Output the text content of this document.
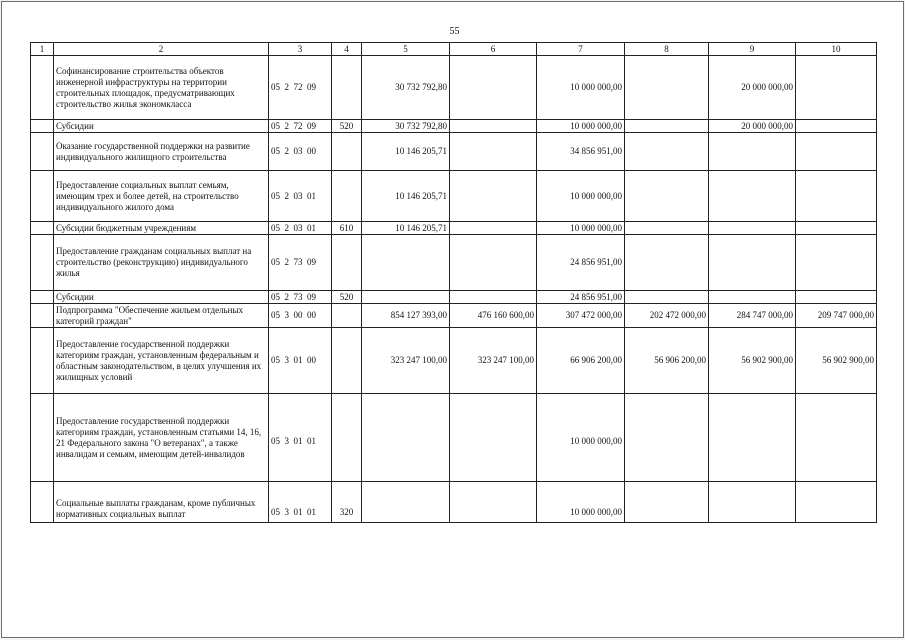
55
1	2	3	4	5	6	7	8	9	10
	Софинансирование строительства объектов инженерной инфраструктуры на территории строительных площадок, предусматривающих строительство жилья экономкласса	05  2  72  09		30 732 792,80		10 000 000,00		20 000 000,00	
	Субсидии	05  2  72  09	520	30 732 792,80		10 000 000,00		20 000 000,00	
	Оказание государственной поддержки на развитие индивидуального жилищного строительства	05  2  03  00		10 146 205,71		34 856 951,00			
	Предоставление социальных выплат семьям, имеющим трех и более детей, на строительство индивидуального жилого дома	05  2  03  01		10 146 205,71		10 000 000,00			
	Субсидии бюджетным учреждениям	05  2  03  01	610	10 146 205,71		10 000 000,00			
	Предоставление гражданам социальных выплат на строительство (реконструкцию) индивидуального жилья	05  2  73  09				24 856 951,00			
	Субсидии	05  2  73  09	520			24 856 951,00			
	Подпрограмма "Обеспечение жильем отдельных категорий граждан"	05  3  00  00		854 127 393,00	476 160 600,00	307 472 000,00	202 472 000,00	284 747 000,00	209 747 000,00
	Предоставление государственной поддержки категориям граждан, установленным федеральным и областным законодательством, в целях улучшения их жилищных условий	05  3  01  00		323 247 100,00	323 247 100,00	66 906 200,00	56 906 200,00	56 902 900,00	56 902 900,00
	Предоставление государственной поддержки категориям граждан, установленным статьями 14, 16, 21 Федерального закона "О ветеранах", а также инвалидам и семьям, имеющим детей-инвалидов	05  3  01  01				10 000 000,00			
	Социальные выплаты гражданам, кроме публичных нормативных социальных выплат	05  3  01  01	320			10 000 000,00			
